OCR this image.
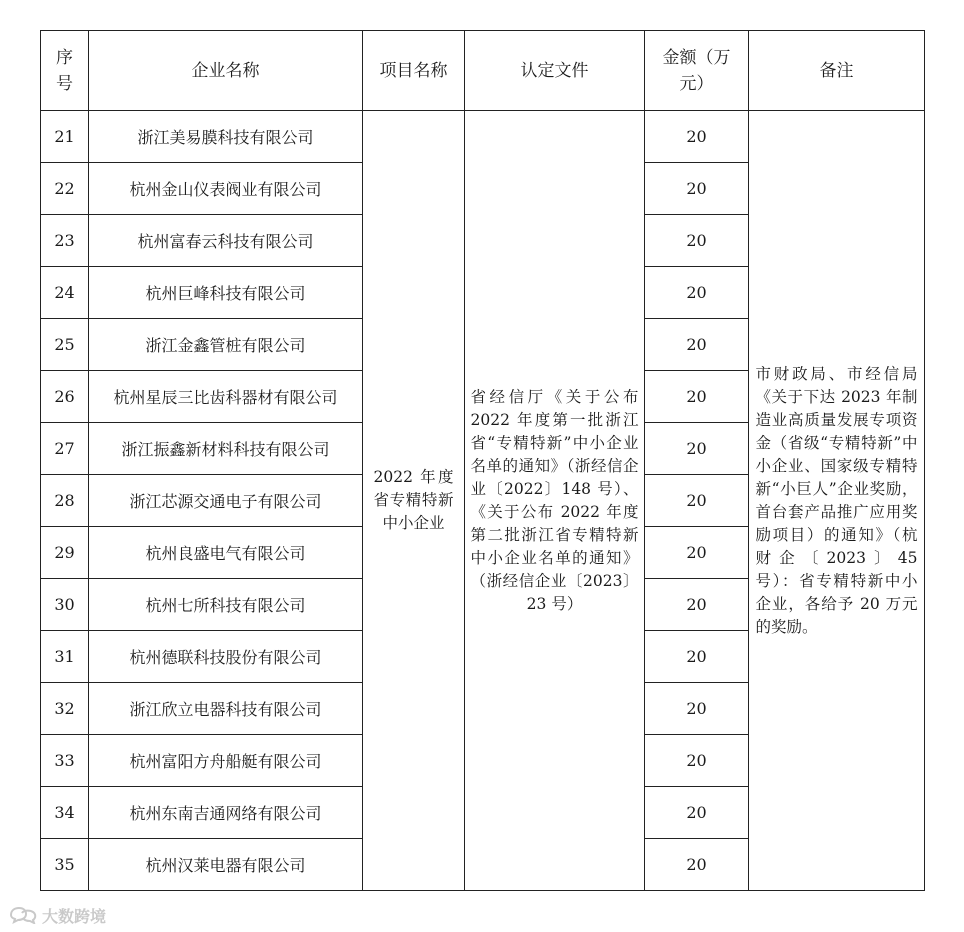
序号	企业名称	项目名称	认定文件	金额（万元）	备注
21	浙江美易膜科技有限公司	2022 年度省专精特新中小企业	省经信厅《关于公布 2022 年度第一批浙江省“专精特新”中小企业名单的通知》（浙经信企业〔2022〕148 号）、《关于公布 2022 年度第二批浙江省专精特新中小企业名单的通知》（浙经信企业〔2023〕23 号）	20	市财政局、市经信局《关于下达 2023 年制造业高质量发展专项资金（省级“专精特新”中小企业、国家级专精特新“小巨人”企业奖励，首台套产品推广应用奖励项目）的通知》（杭财企〔2023〕45 号）：省专精特新中小企业，各给予 20 万元的奖励。
22	杭州金山仪表阀业有限公司			20	
23	杭州富春云科技有限公司			20	
24	杭州巨峰科技有限公司			20	
25	浙江金鑫管桩有限公司			20	
26	杭州星辰三比齿科器材有限公司			20	
27	浙江振鑫新材料科技有限公司			20	
28	浙江芯源交通电子有限公司			20	
29	杭州良盛电气有限公司			20	
30	杭州七所科技有限公司			20	
31	杭州德联科技股份有限公司			20	
32	浙江欣立电器科技有限公司			20	
33	杭州富阳方舟船艇有限公司			20	
34	杭州东南吉通网络有限公司			20	
35	杭州汉莱电器有限公司			20	
大数跨境
